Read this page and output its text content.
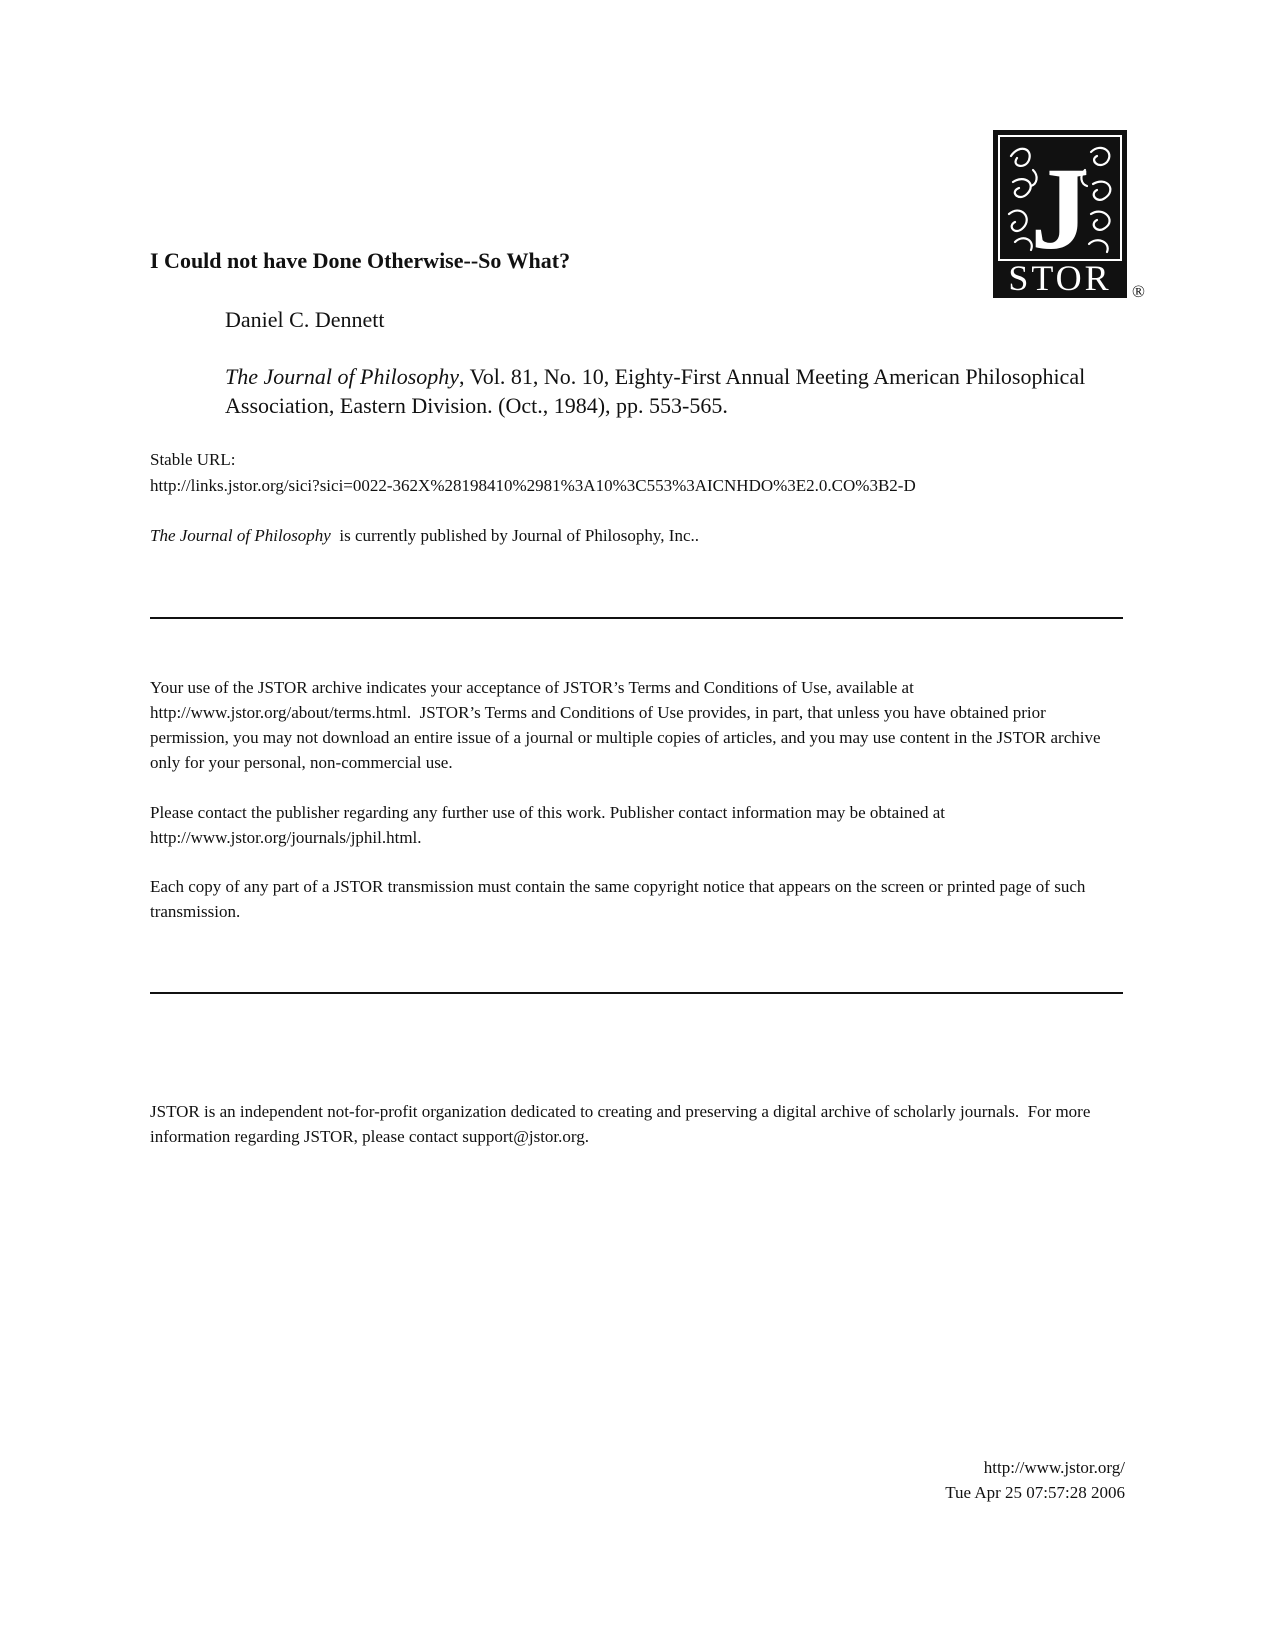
J
STOR ®
I Could not have Done Otherwise--So What?
Daniel C. Dennett
The Journal of Philosophy, Vol. 81, No. 10, Eighty-First Annual Meeting American Philosophical Association, Eastern Division. (Oct., 1984), pp. 553-565.
Stable URL:
http://links.jstor.org/sici?sici=0022-362X%28198410%2981%3A10%3C553%3AICNHDO%3E2.0.CO%3B2-D
The Journal of Philosophy  is currently published by Journal of Philosophy, Inc..
Your use of the JSTOR archive indicates your acceptance of JSTOR’s Terms and Conditions of Use, available at http://www.jstor.org/about/terms.html.  JSTOR’s Terms and Conditions of Use provides, in part, that unless you have obtained prior permission, you may not download an entire issue of a journal or multiple copies of articles, and you may use content in the JSTOR archive only for your personal, non-commercial use.
Please contact the publisher regarding any further use of this work. Publisher contact information may be obtained at http://www.jstor.org/journals/jphil.html.
Each copy of any part of a JSTOR transmission must contain the same copyright notice that appears on the screen or printed page of such transmission.
JSTOR is an independent not-for-profit organization dedicated to creating and preserving a digital archive of scholarly journals.  For more information regarding JSTOR, please contact support@jstor.org.
http://www.jstor.org/
Tue Apr 25 07:57:28 2006
